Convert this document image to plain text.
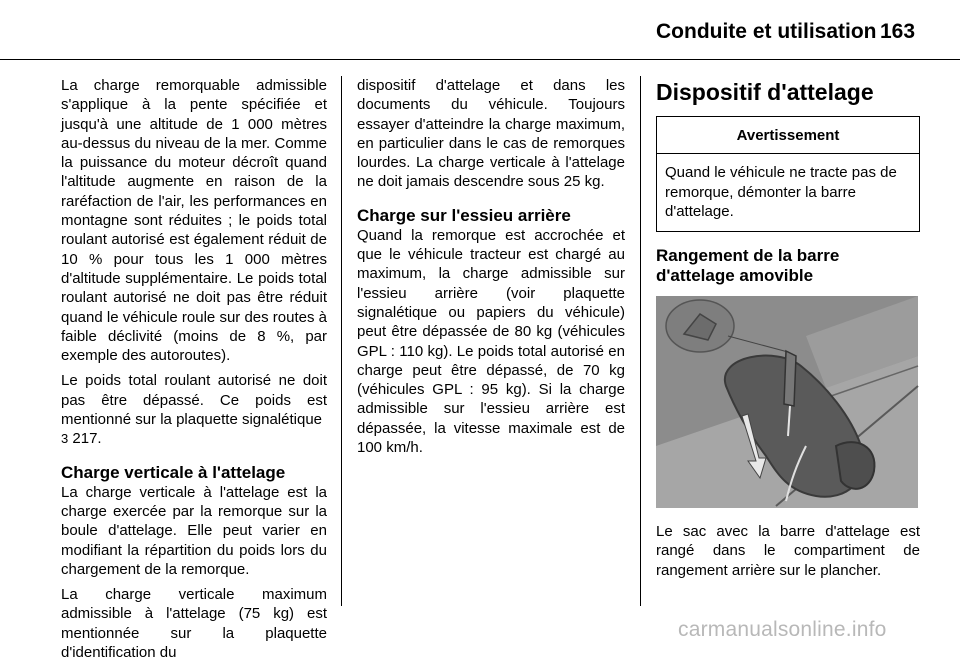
Conduite et utilisation 163

La charge remorquable admissible s'applique à la pente spécifiée et jusqu'à une altitude de 1 000 mètres au-dessus du niveau de la mer. Comme la puissance du moteur décroît quand l'altitude augmente en raison de la raréfaction de l'air, les performances en montagne sont réduites ; le poids total roulant autorisé est également réduit de 10 % pour tous les 1 000 mètres d'altitude supplémentaire. Le poids total roulant autorisé ne doit pas être réduit quand le véhicule roule sur des routes à faible déclivité (moins de 8 %, par exemple des autoroutes).

Le poids total roulant autorisé ne doit pas être dépassé. Ce poids est mentionné sur la plaquette signalétique
3 217.

Charge verticale à l'attelage

La charge verticale à l'attelage est la charge exercée par la remorque sur la boule d'attelage. Elle peut varier en modifiant la répartition du poids lors du chargement de la remorque.

La charge verticale maximum admissible à l'attelage (75 kg) est mentionnée sur la plaquette d'identification du

dispositif d'attelage et dans les documents du véhicule. Toujours essayer d'atteindre la charge maximum, en particulier dans le cas de remorques lourdes. La charge verticale à l'attelage ne doit jamais descendre sous 25 kg.

Charge sur l'essieu arrière

Quand la remorque est accrochée et que le véhicule tracteur est chargé au maximum, la charge admissible sur l'essieu arrière (voir plaquette signalétique ou papiers du véhicule) peut être dépassée de 80 kg (véhicules GPL : 110 kg). Le poids total autorisé en charge peut être dépassé, de 70 kg (véhicules GPL : 95 kg). Si la charge admissible sur l'essieu arrière est dépassée, la vitesse maximale est de 100 km/h.

Dispositif d'attelage
Avertissement
Quand le véhicule ne tracte pas de remorque, démonter la barre d'attelage.
Rangement de la barre d'attelage amovible

Le sac avec la barre d'attelage est rangé dans le compartiment de rangement arrière sur le plancher.

carmanualsonline.info
